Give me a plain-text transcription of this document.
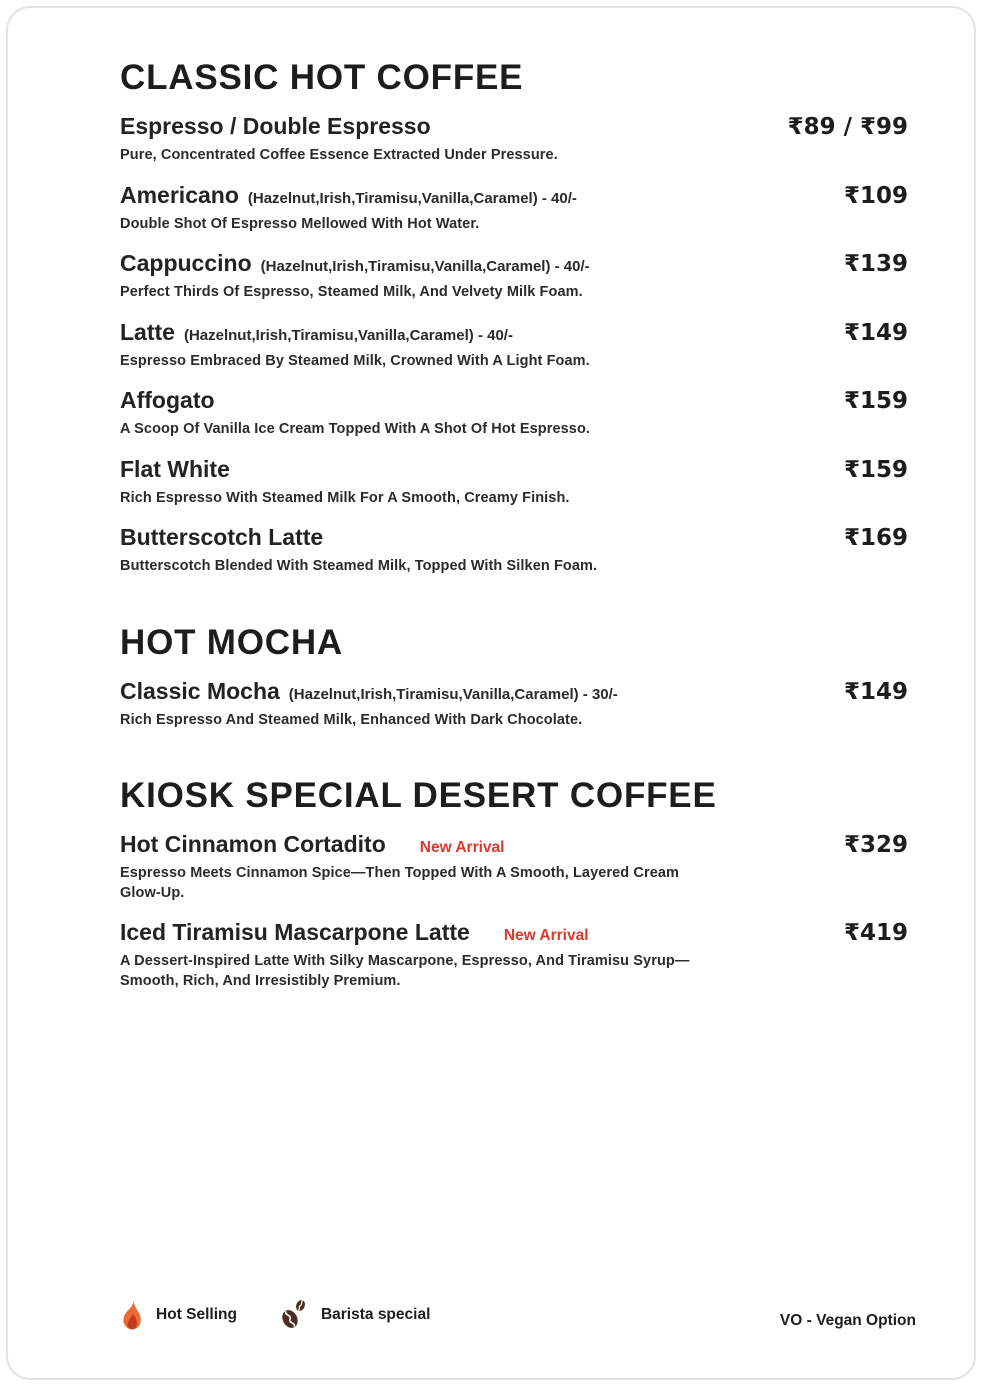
CLASSIC HOT COFFEE
Espresso / Double Espresso	₹89 / ₹99
Pure, Concentrated Coffee Essence Extracted Under Pressure.
Americano (Hazelnut,Irish,Tiramisu,Vanilla,Caramel) - 40/-	₹109
Double Shot Of Espresso Mellowed With Hot Water.
Cappuccino (Hazelnut,Irish,Tiramisu,Vanilla,Caramel) - 40/-	₹139
Perfect Thirds Of Espresso, Steamed Milk, And Velvety Milk Foam.
Latte (Hazelnut,Irish,Tiramisu,Vanilla,Caramel) - 40/-	₹149
Espresso Embraced By Steamed Milk, Crowned With A Light Foam.
Affogato	₹159
A Scoop Of Vanilla Ice Cream Topped With A Shot Of Hot Espresso.
Flat White	₹159
Rich Espresso With Steamed Milk For A Smooth, Creamy Finish.
Butterscotch Latte	₹169
Butterscotch Blended With Steamed Milk, Topped With Silken Foam.
HOT MOCHA
Classic Mocha (Hazelnut,Irish,Tiramisu,Vanilla,Caramel) - 30/-	₹149
Rich Espresso And Steamed Milk, Enhanced With Dark Chocolate.
KIOSK SPECIAL DESERT COFFEE
Hot Cinnamon Cortadito New Arrival	₹329
Espresso Meets Cinnamon Spice—Then Topped With A Smooth, Layered Cream Glow-Up.
Iced Tiramisu Mascarpone Latte New Arrival	₹419
A Dessert-Inspired Latte With Silky Mascarpone, Espresso, And Tiramisu Syrup—Smooth, Rich, And Irresistibly Premium.
Hot Selling	Barista special	VO - Vegan Option
